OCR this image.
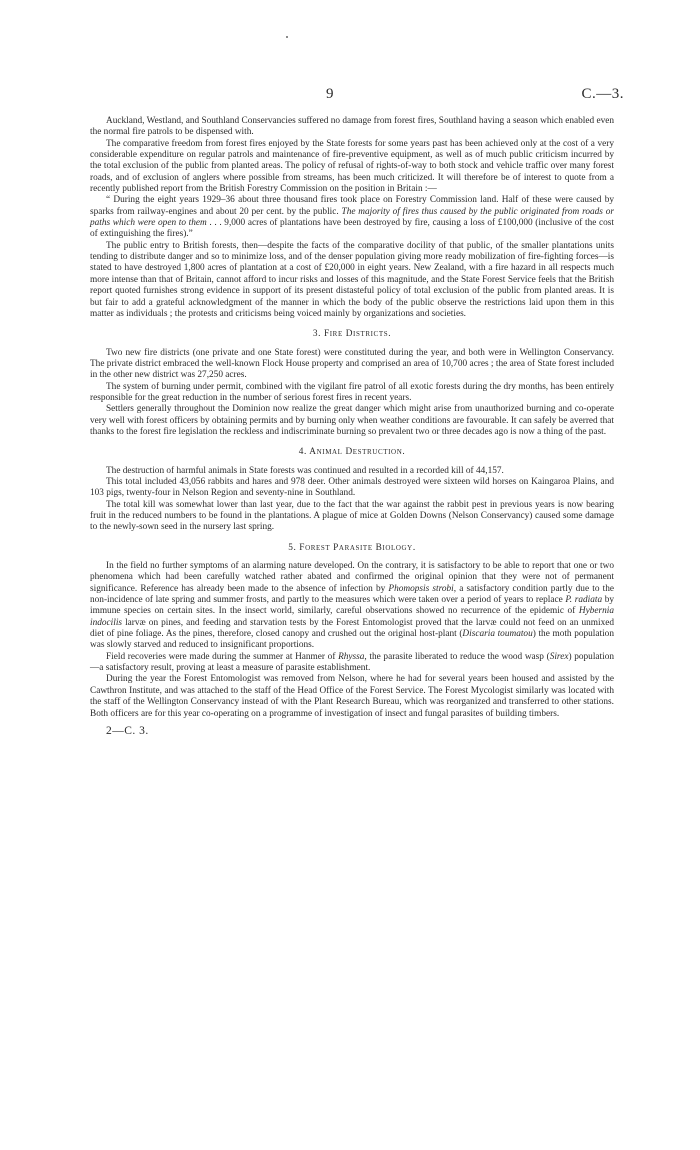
9	C.—3.

Auckland, Westland, and Southland Conservancies suffered no damage from forest fires, Southland having a season which enabled even the normal fire patrols to be dispensed with.

The comparative freedom from forest fires enjoyed by the State forests for some years past has been achieved only at the cost of a very considerable expenditure on regular patrols and maintenance of fire-preventive equipment, as well as of much public criticism incurred by the total exclusion of the public from planted areas. The policy of refusal of rights-of-way to both stock and vehicle traffic over many forest roads, and of exclusion of anglers where possible from streams, has been much criticized. It will therefore be of interest to quote from a recently published report from the British Forestry Commission on the position in Britain :—

“ During the eight years 1929–36 about three thousand fires took place on Forestry Commission land. Half of these were caused by sparks from railway-engines and about 20 per cent. by the public. The majority of fires thus caused by the public originated from roads or paths which were open to them . . . 9,000 acres of plantations have been destroyed by fire, causing a loss of £100,000 (inclusive of the cost of extinguishing the fires).”

The public entry to British forests, then—despite the facts of the comparative docility of that public, of the smaller plantations units tending to distribute danger and so to minimize loss, and of the denser population giving more ready mobilization of fire-fighting forces—is stated to have destroyed 1,800 acres of plantation at a cost of £20,000 in eight years. New Zealand, with a fire hazard in all respects much more intense than that of Britain, cannot afford to incur risks and losses of this magnitude, and the State Forest Service feels that the British report quoted furnishes strong evidence in support of its present distasteful policy of total exclusion of the public from planted areas. It is but fair to add a grateful acknowledgment of the manner in which the body of the public observe the restrictions laid upon them in this matter as individuals ; the protests and criticisms being voiced mainly by organizations and societies.

3. Fire Districts.

Two new fire districts (one private and one State forest) were constituted during the year, and both were in Wellington Conservancy. The private district embraced the well-known Flock House property and comprised an area of 10,700 acres ; the area of State forest included in the other new district was 27,250 acres.

The system of burning under permit, combined with the vigilant fire patrol of all exotic forests during the dry months, has been entirely responsible for the great reduction in the number of serious forest fires in recent years.

Settlers generally throughout the Dominion now realize the great danger which might arise from unauthorized burning and co-operate very well with forest officers by obtaining permits and by burning only when weather conditions are favourable. It can safely be averred that thanks to the forest fire legislation the reckless and indiscriminate burning so prevalent two or three decades ago is now a thing of the past.

4. Animal Destruction.

The destruction of harmful animals in State forests was continued and resulted in a recorded kill of 44,157.

This total included 43,056 rabbits and hares and 978 deer. Other animals destroyed were sixteen wild horses on Kaingaroa Plains, and 103 pigs, twenty-four in Nelson Region and seventy-nine in Southland.

The total kill was somewhat lower than last year, due to the fact that the war against the rabbit pest in previous years is now bearing fruit in the reduced numbers to be found in the plantations. A plague of mice at Golden Downs (Nelson Conservancy) caused some damage to the newly-sown seed in the nursery last spring.

5. Forest Parasite Biology.

In the field no further symptoms of an alarming nature developed. On the contrary, it is satisfactory to be able to report that one or two phenomena which had been carefully watched rather abated and confirmed the original opinion that they were not of permanent significance. Reference has already been made to the absence of infection by Phomopsis strobi, a satisfactory condition partly due to the non-incidence of late spring and summer frosts, and partly to the measures which were taken over a period of years to replace P. radiata by immune species on certain sites. In the insect world, similarly, careful observations showed no recurrence of the epidemic of Hybernia indocilis larvæ on pines, and feeding and starvation tests by the Forest Entomologist proved that the larvæ could not feed on an unmixed diet of pine foliage. As the pines, therefore, closed canopy and crushed out the original host-plant (Discaria toumatou) the moth population was slowly starved and reduced to insignificant proportions.

Field recoveries were made during the summer at Hanmer of Rhyssa, the parasite liberated to reduce the wood wasp (Sirex) population—a satisfactory result, proving at least a measure of parasite establishment.

During the year the Forest Entomologist was removed from Nelson, where he had for several years been housed and assisted by the Cawthron Institute, and was attached to the staff of the Head Office of the Forest Service. The Forest Mycologist similarly was located with the staff of the Wellington Conservancy instead of with the Plant Research Bureau, which was reorganized and transferred to other stations. Both officers are for this year co-operating on a programme of investigation of insect and fungal parasites of building timbers.

2—C. 3.
